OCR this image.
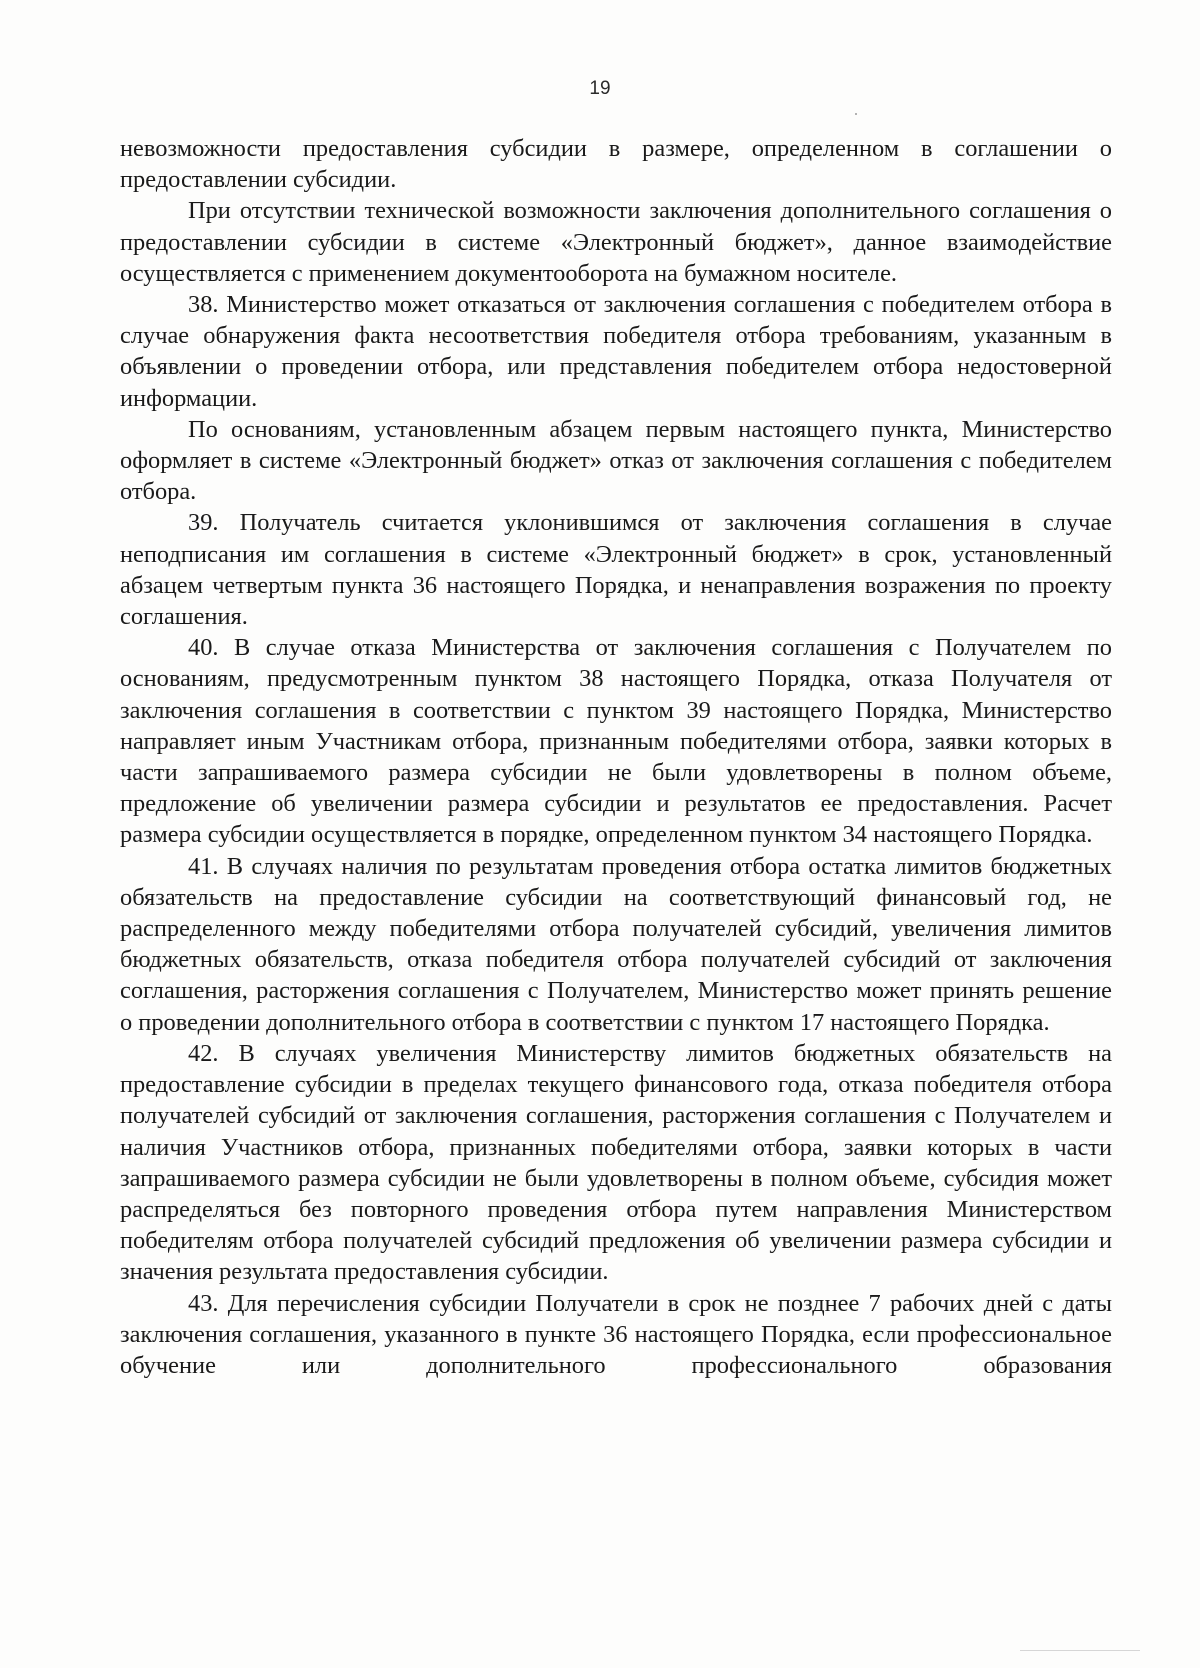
19

невозможности предоставления субсидии в размере, определенном в соглашении о предоставлении субсидии.

При отсутствии технической возможности заключения дополнительного соглашения о предоставлении субсидии в системе «Электронный бюджет», данное взаимодействие осуществляется с применением документооборота на бумажном носителе.

38. Министерство может отказаться от заключения соглашения с победителем отбора в случае обнаружения факта несоответствия победителя отбора требованиям, указанным в объявлении о проведении отбора, или представления победителем отбора недостоверной информации.

По основаниям, установленным абзацем первым настоящего пункта, Министерство оформляет в системе «Электронный бюджет» отказ от заключения соглашения с победителем отбора.

39. Получатель считается уклонившимся от заключения соглашения в случае неподписания им соглашения в системе «Электронный бюджет» в срок, установленный абзацем четвертым пункта 36 настоящего Порядка, и ненаправления возражения по проекту соглашения.

40. В случае отказа Министерства от заключения соглашения с Получателем по основаниям, предусмотренным пунктом 38 настоящего Порядка, отказа Получателя от заключения соглашения в соответствии с пунктом 39 настоящего Порядка, Министерство направляет иным Участникам отбора, признанным победителями отбора, заявки которых в части запрашиваемого размера субсидии не были удовлетворены в полном объеме, предложение об увеличении размера субсидии и результатов ее предоставления. Расчет размера субсидии осуществляется в порядке, определенном пунктом 34 настоящего Порядка.

41. В случаях наличия по результатам проведения отбора остатка лимитов бюджетных обязательств на предоставление субсидии на соответствующий финансовый год, не распределенного между победителями отбора получателей субсидий, увеличения лимитов бюджетных обязательств, отказа победителя отбора получателей субсидий от заключения соглашения, расторжения соглашения с Получателем, Министерство может принять решение о проведении дополнительного отбора в соответствии с пунктом 17 настоящего Порядка.

42. В случаях увеличения Министерству лимитов бюджетных обязательств на предоставление субсидии в пределах текущего финансового года, отказа победителя отбора получателей субсидий от заключения соглашения, расторжения соглашения с Получателем и наличия Участников отбора, признанных победителями отбора, заявки которых в части запрашиваемого размера субсидии не были удовлетворены в полном объеме, субсидия может распределяться без повторного проведения отбора путем направления Министерством победителям отбора получателей субсидий предложения об увеличении размера субсидии и значения результата предоставления субсидии.

43. Для перечисления субсидии Получатели в срок не позднее 7 рабочих дней с даты заключения соглашения, указанного в пункте 36 настоящего Порядка, если профессиональное обучение или дополнительного профессионального образования
